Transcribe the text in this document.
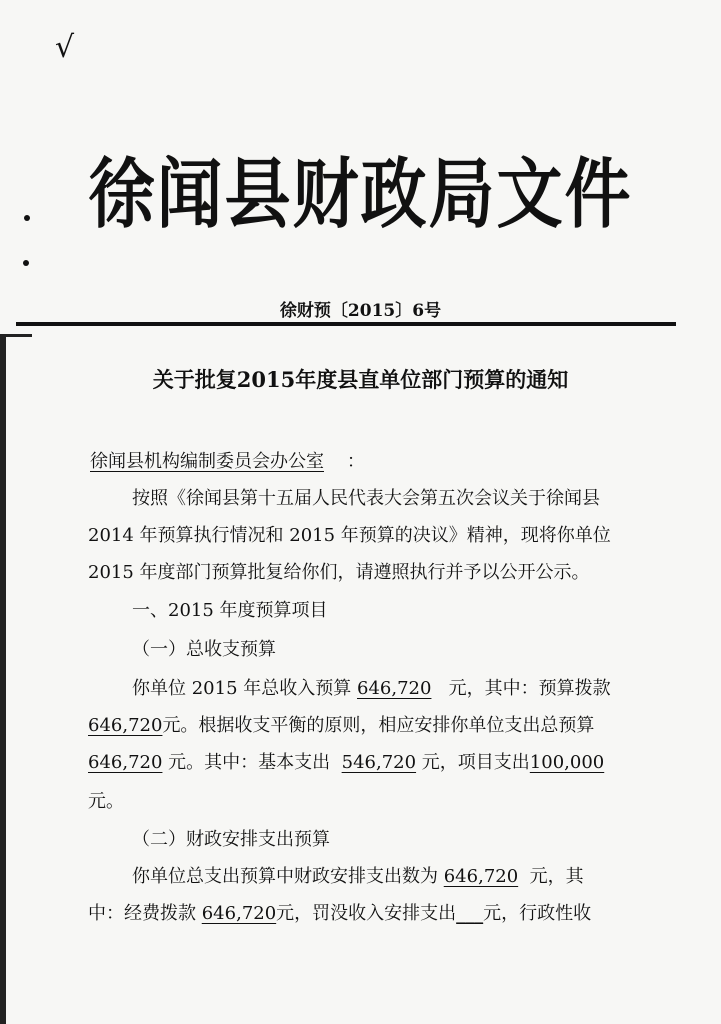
√
徐闻县财政局文件
徐财预〔2015〕6号
关于批复2015年度县直单位部门预算的通知
徐闻县机构编制委员会办公室 ：
按照《徐闻县第十五届人民代表大会第五次会议关于徐闻县
2014 年预算执行情况和 2015 年预算的决议》精神，现将你单位
2015 年度部门预算批复给你们，请遵照执行并予以公开公示。
一、2015 年度预算项目
（一）总收支预算
你单位 2015 年总收入预算 646,720 元，其中：预算拨款
646,720元。根据收支平衡的原则，相应安排你单位支出总预算
646,720 元。其中：基本支出 546,720 元，项目支出100,000
元。
（二）财政安排支出预算
你单位总支出预算中财政安排支出数为 646,720 元，其
中：经费拨款 646,720元，罚没收入安排支出___元，行政性收
